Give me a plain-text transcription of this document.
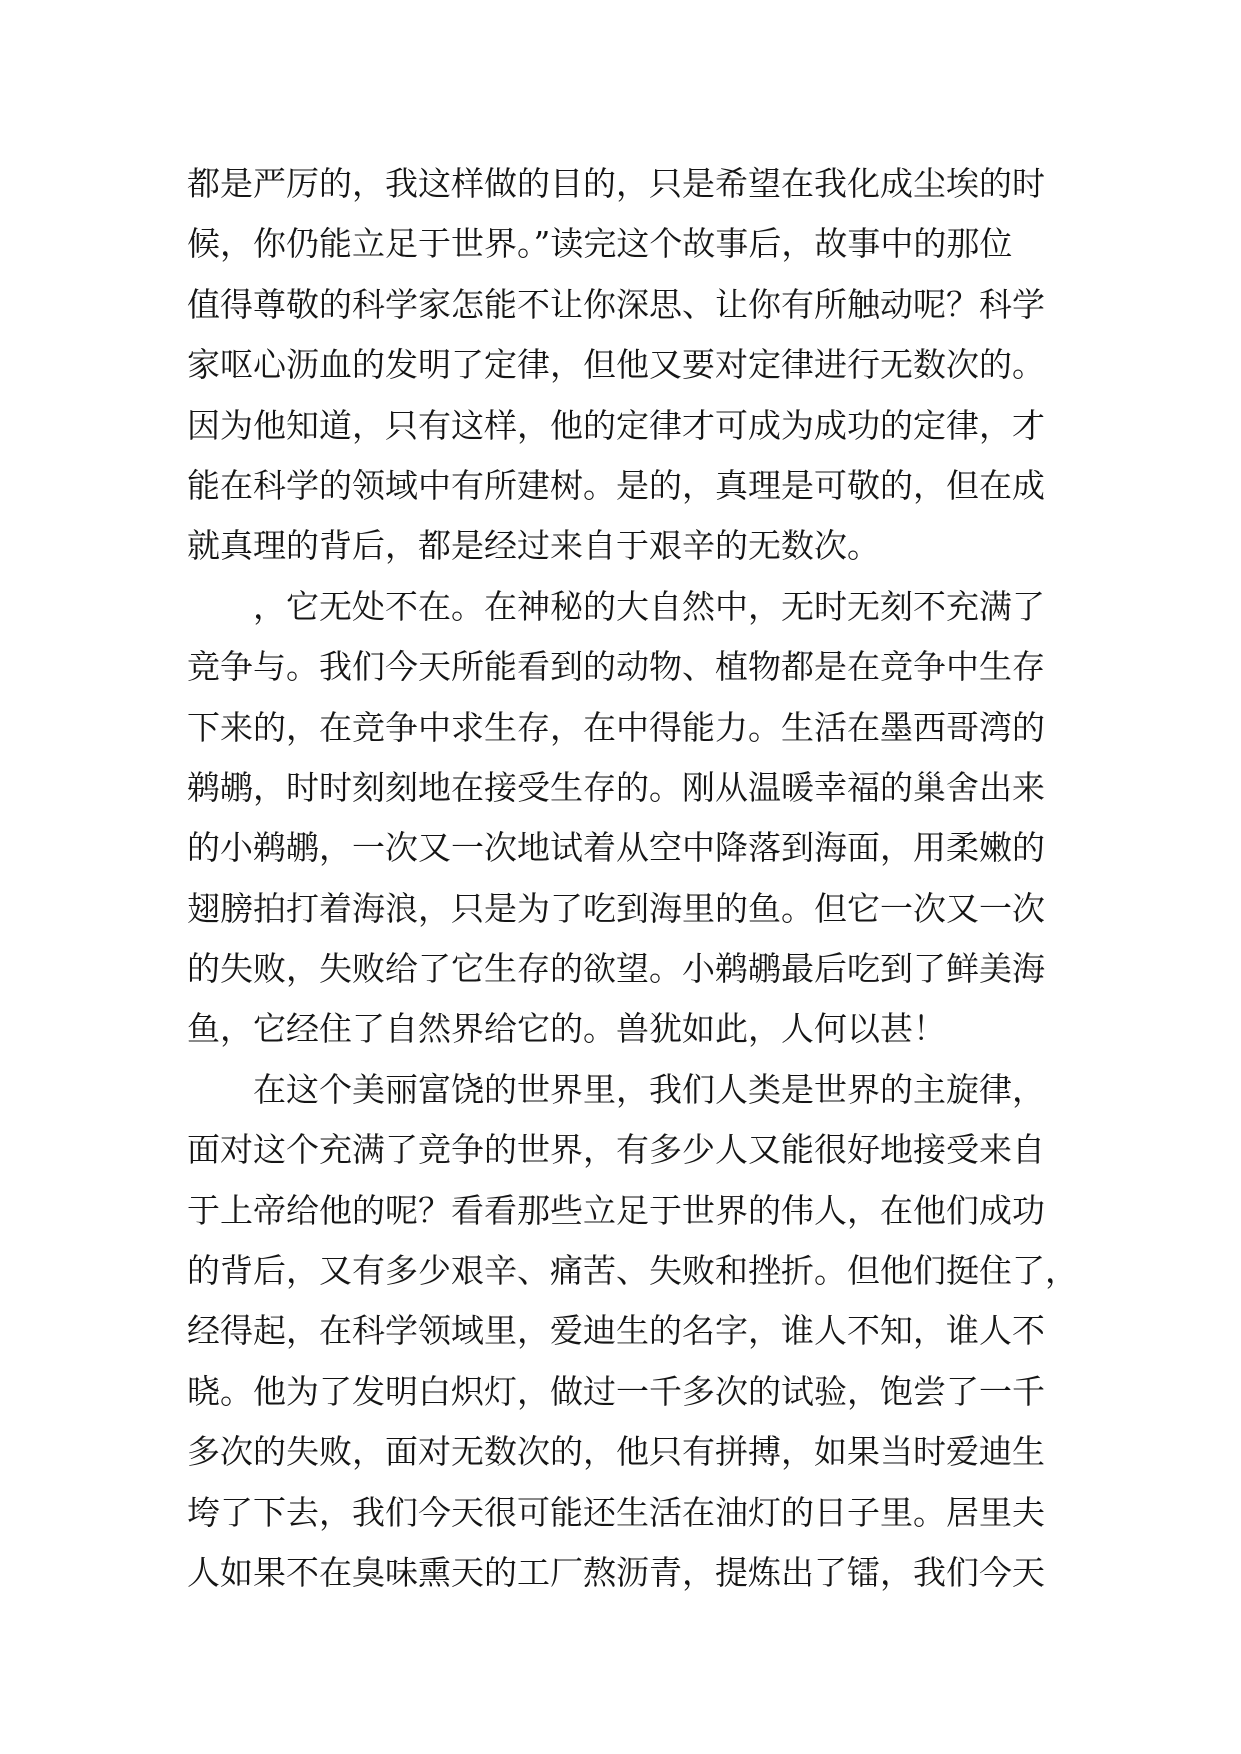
都是严厉的，我这样做的目的，只是希望在我化成尘埃的时
候，你仍能立足于世界。”读完这个故事后，故事中的那位
值得尊敬的科学家怎能不让你深思、让你有所触动呢？科学
家呕心沥血的发明了定律，但他又要对定律进行无数次的。
因为他知道，只有这样，他的定律才可成为成功的定律，才
能在科学的领域中有所建树。是的，真理是可敬的，但在成
就真理的背后，都是经过来自于艰辛的无数次。
，它无处不在。在神秘的大自然中，无时无刻不充满了
竞争与。我们今天所能看到的动物、植物都是在竞争中生存
下来的，在竞争中求生存，在中得能力。生活在墨西哥湾的
鹈鹕，时时刻刻地在接受生存的。刚从温暖幸福的巢舍出来
的小鹈鹕，一次又一次地试着从空中降落到海面，用柔嫩的
翅膀拍打着海浪，只是为了吃到海里的鱼。但它一次又一次
的失败，失败给了它生存的欲望。小鹈鹕最后吃到了鲜美海
鱼，它经住了自然界给它的。兽犹如此，人何以甚！
在这个美丽富饶的世界里，我们人类是世界的主旋律，
面对这个充满了竞争的世界，有多少人又能很好地接受来自
于上帝给他的呢？看看那些立足于世界的伟人，在他们成功
的背后，又有多少艰辛、痛苦、失败和挫折。但他们挺住了，
经得起，在科学领域里，爱迪生的名字，谁人不知，谁人不
晓。他为了发明白炽灯，做过一千多次的试验，饱尝了一千
多次的失败，面对无数次的，他只有拼搏，如果当时爱迪生
垮了下去，我们今天很可能还生活在油灯的日子里。居里夫
人如果不在臭味熏天的工厂熬沥青，提炼出了镭，我们今天
